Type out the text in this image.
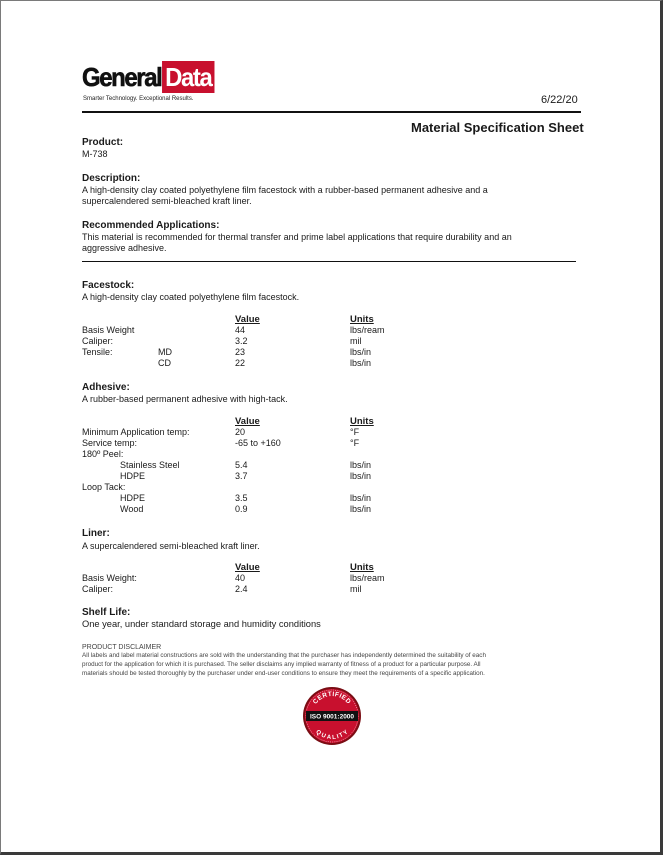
General Data
Smarter Technology. Exceptional Results.	6/22/20
Material Specification Sheet
Product:
M-738
Description:
A high-density clay coated polyethylene film facestock with a rubber-based permanent adhesive and a
supercalendered semi-bleached kraft liner.
Recommended Applications:
This material is recommended for thermal transfer and prime label applications that require durability and an
aggressive adhesive.
Facestock:
A high-density clay coated polyethylene film facestock.
Value	Units
Basis Weight	44	lbs/ream
Caliper:	3.2	mil
Tensile:	MD	23	lbs/in
CD	22	lbs/in
Adhesive:
A rubber-based permanent adhesive with high-tack.
Value	Units
Minimum Application temp:	20	°F
Service temp:	-65 to +160	°F
180º Peel:
Stainless Steel	5.4	lbs/in
HDPE	3.7	lbs/in
Loop Tack:
HDPE	3.5	lbs/in
Wood	0.9	lbs/in
Liner:
A supercalendered semi-bleached kraft liner.
Value	Units
Basis Weight:	40	lbs/ream
Caliper:	2.4	mil
Shelf Life:
One year, under standard storage and humidity conditions
PRODUCT DISCLAIMER
All labels and label material constructions are sold with the understanding that the purchaser has independently determined the suitability of each
product for the application for which it is purchased. The seller disclaims any implied warranty of fitness of a product for a particular purpose. All
materials should be tested thoroughly by the purchaser under end-user conditions to ensure they meet the requirements of a specific application.
CERTIFIED
ISO 9001:2000
QUALITY
